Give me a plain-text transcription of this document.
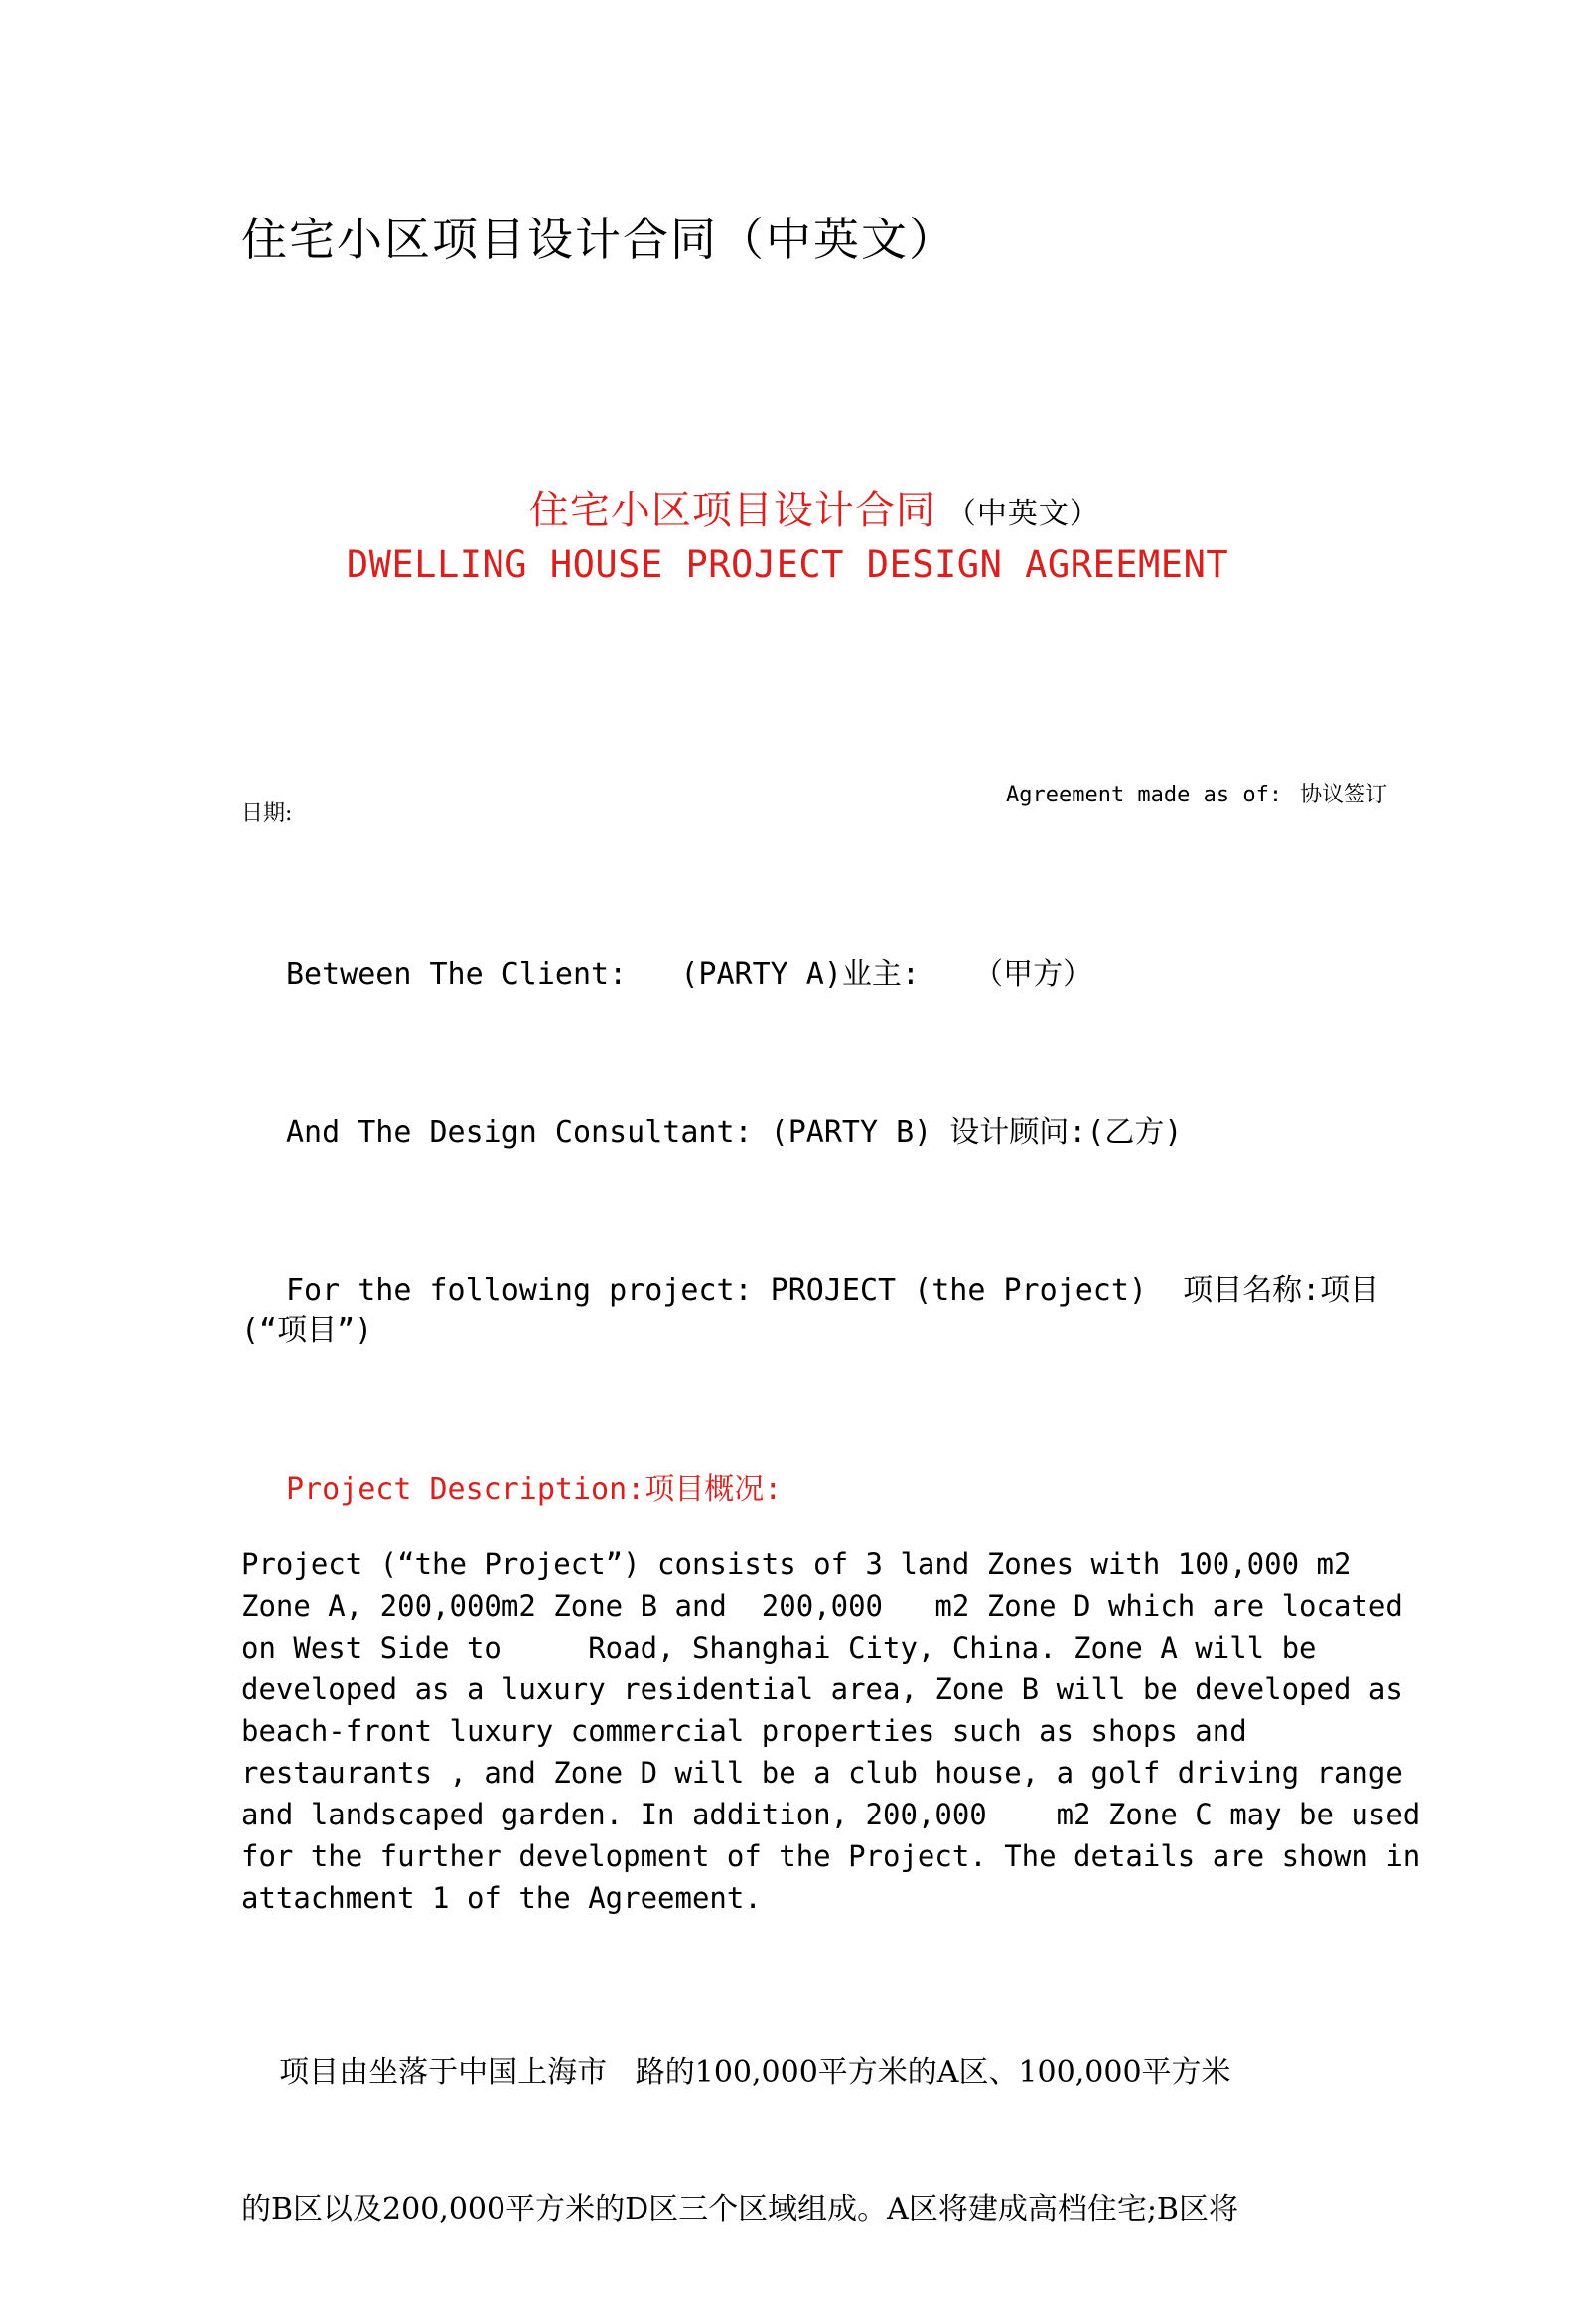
住宅小区项目设计合同（中英文）

住宅小区项目设计合同 （中英文）

DWELLING HOUSE PROJECT DESIGN AGREEMENT

Agreement made as of: 协议签订

日期:
Between The Client:   (PARTY A)业主:   （甲方）
And The Design Consultant: (PARTY B) 设计顾问:(乙方)
For the following project: PROJECT (the Project)  项目名称:项目
(“项目”)
Project Description:项目概况:
Project (“the Project”) consists of 3 land Zones with 100,000 m2
Zone A, 200,000m2 Zone B and  200,000   m2 Zone D which are located
on West Side to     Road, Shanghai City, China. Zone A will be
developed as a luxury residential area, Zone B will be developed as
beach-front luxury commercial properties such as shops and
restaurants , and Zone D will be a club house, a golf driving range
and landscaped garden. In addition, 200,000    m2 Zone C may be used
for the further development of the Project. The details are shown in
attachment 1 of the Agreement.

项目由坐落于中国上海市   路的100,000平方米的A区、100,000平方米

的B区以及200,000平方米的D区三个区域组成。A区将建成高档住宅;B区将
